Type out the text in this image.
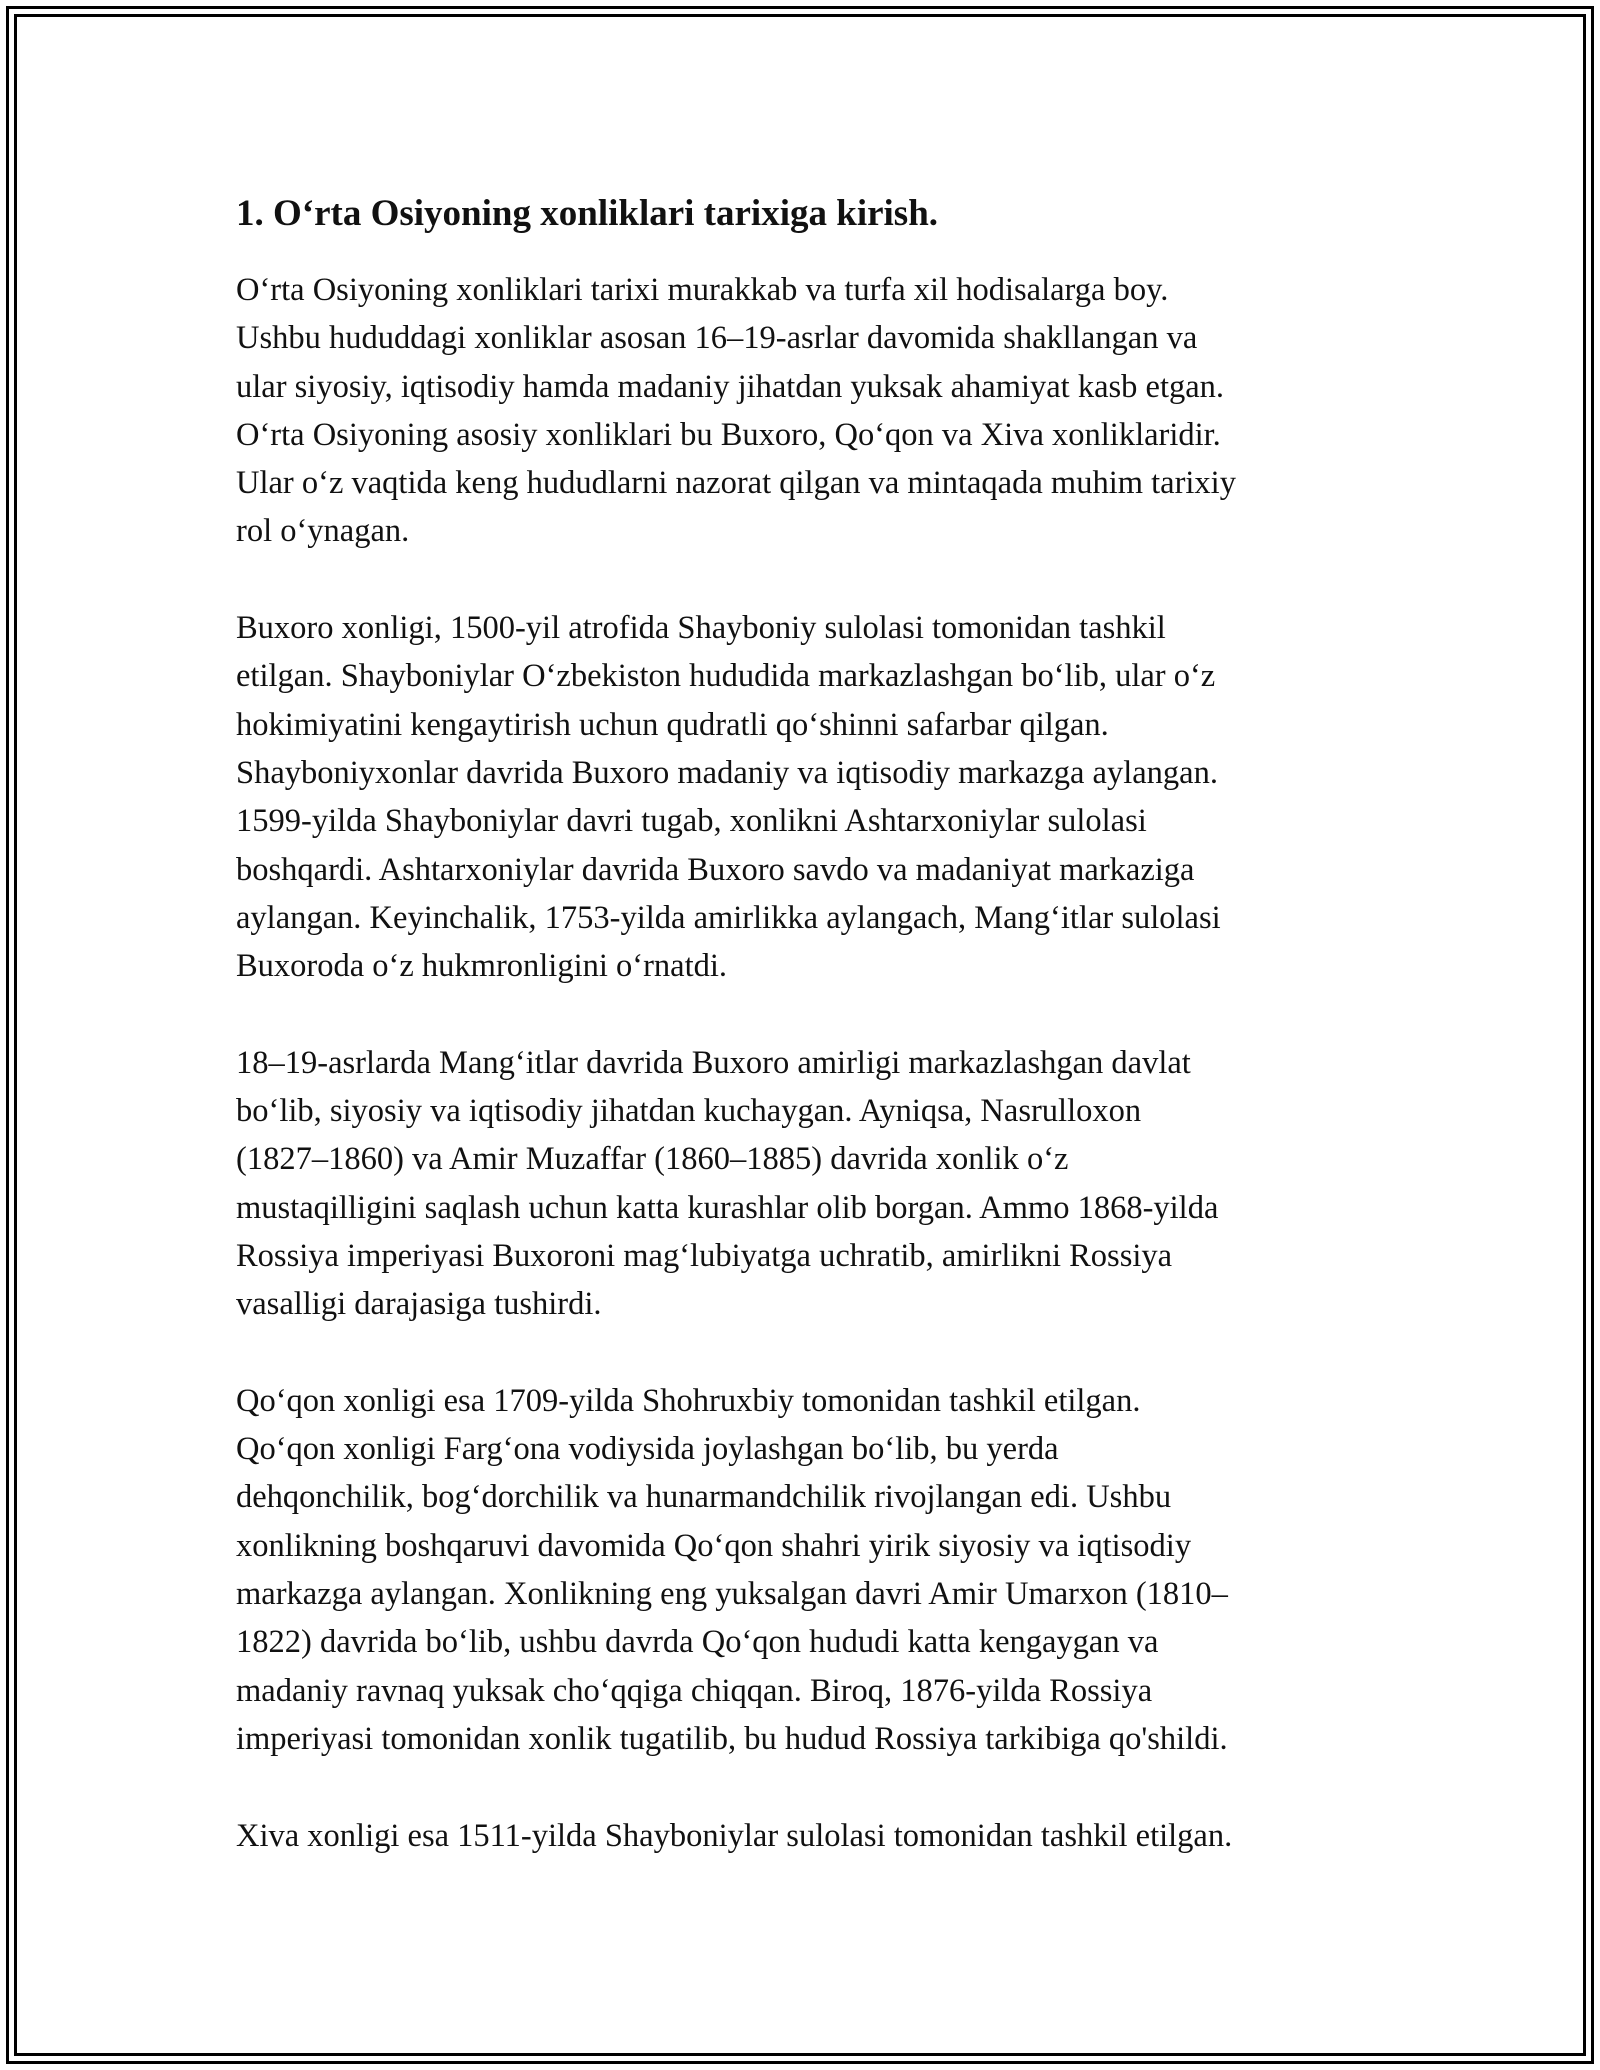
1. O‘rta Osiyoning xonliklari tarixiga kirish.

O‘rta Osiyoning xonliklari tarixi murakkab va turfa xil hodisalarga boy.
Ushbu hududdagi xonliklar asosan 16–19-asrlar davomida shakllangan va
ular siyosiy, iqtisodiy hamda madaniy jihatdan yuksak ahamiyat kasb etgan.
O‘rta Osiyoning asosiy xonliklari bu Buxoro, Qo‘qon va Xiva xonliklaridir.
Ular o‘z vaqtida keng hududlarni nazorat qilgan va mintaqada muhim tarixiy
rol o‘ynagan.

Buxoro xonligi, 1500-yil atrofida Shayboniy sulolasi tomonidan tashkil
etilgan. Shayboniylar O‘zbekiston hududida markazlashgan bo‘lib, ular o‘z
hokimiyatini kengaytirish uchun qudratli qo‘shinni safarbar qilgan.
Shayboniyxonlar davrida Buxoro madaniy va iqtisodiy markazga aylangan.
1599-yilda Shayboniylar davri tugab, xonlikni Ashtarxoniylar sulolasi
boshqardi. Ashtarxoniylar davrida Buxoro savdo va madaniyat markaziga
aylangan. Keyinchalik, 1753-yilda amirlikka aylangach, Mang‘itlar sulolasi
Buxoroda o‘z hukmronligini o‘rnatdi.

18–19-asrlarda Mang‘itlar davrida Buxoro amirligi markazlashgan davlat
bo‘lib, siyosiy va iqtisodiy jihatdan kuchaygan. Ayniqsa, Nasrulloxon
(1827–1860) va Amir Muzaffar (1860–1885) davrida xonlik o‘z
mustaqilligini saqlash uchun katta kurashlar olib borgan. Ammo 1868-yilda
Rossiya imperiyasi Buxoroni mag‘lubiyatga uchratib, amirlikni Rossiya
vasalligi darajasiga tushirdi.

Qo‘qon xonligi esa 1709-yilda Shohruxbiy tomonidan tashkil etilgan.
Qo‘qon xonligi Farg‘ona vodiysida joylashgan bo‘lib, bu yerda
dehqonchilik, bog‘dorchilik va hunarmandchilik rivojlangan edi. Ushbu
xonlikning boshqaruvi davomida Qo‘qon shahri yirik siyosiy va iqtisodiy
markazga aylangan. Xonlikning eng yuksalgan davri Amir Umarxon (1810–
1822) davrida bo‘lib, ushbu davrda Qo‘qon hududi katta kengaygan va
madaniy ravnaq yuksak cho‘qqiga chiqqan. Biroq, 1876-yilda Rossiya
imperiyasi tomonidan xonlik tugatilib, bu hudud Rossiya tarkibiga qo'shildi.

Xiva xonligi esa 1511-yilda Shayboniylar sulolasi tomonidan tashkil etilgan.
